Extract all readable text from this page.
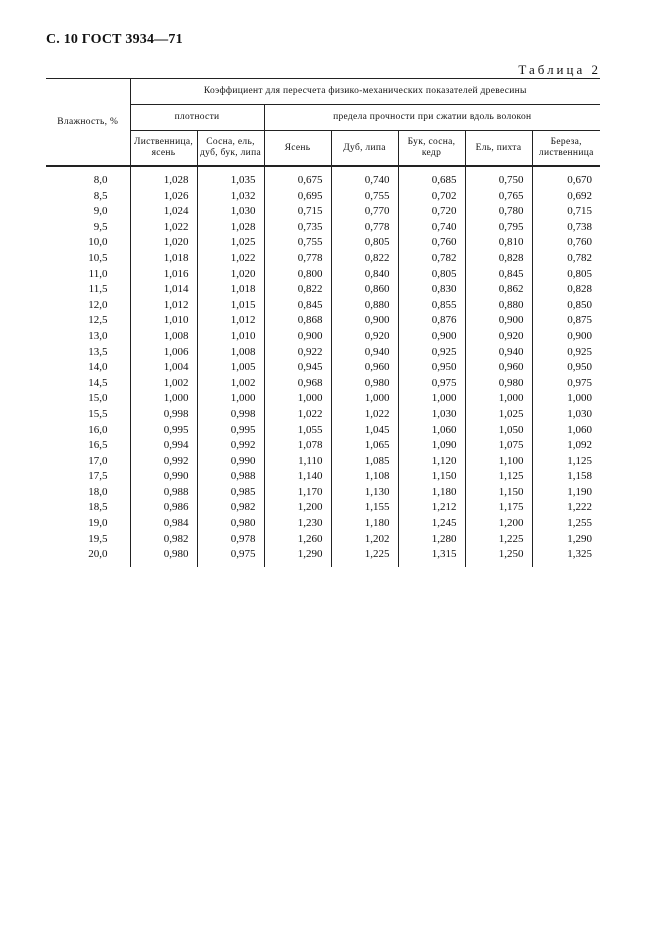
С. 10 ГОСТ 3934—71
Таблица 2
Влажность, %	Коэффициент для пересчета физико-механических показателей древесины						
	плотности		предела прочности при сжатии вдоль волокон				
	Лиственница, ясень	Сосна, ель, дуб, бук, липа	Ясень	Дуб, липа	Бук, сосна, кедр	Ель, пихта	Береза, лиственница
8,0	1,028	1,035	0,675	0,740	0,685	0,750	0,670
8,5	1,026	1,032	0,695	0,755	0,702	0,765	0,692
9,0	1,024	1,030	0,715	0,770	0,720	0,780	0,715
9,5	1,022	1,028	0,735	0,778	0,740	0,795	0,738
10,0	1,020	1,025	0,755	0,805	0,760	0,810	0,760
10,5	1,018	1,022	0,778	0,822	0,782	0,828	0,782
11,0	1,016	1,020	0,800	0,840	0,805	0,845	0,805
11,5	1,014	1,018	0,822	0,860	0,830	0,862	0,828
12,0	1,012	1,015	0,845	0,880	0,855	0,880	0,850
12,5	1,010	1,012	0,868	0,900	0,876	0,900	0,875
13,0	1,008	1,010	0,900	0,920	0,900	0,920	0,900
13,5	1,006	1,008	0,922	0,940	0,925	0,940	0,925
14,0	1,004	1,005	0,945	0,960	0,950	0,960	0,950
14,5	1,002	1,002	0,968	0,980	0,975	0,980	0,975
15,0	1,000	1,000	1,000	1,000	1,000	1,000	1,000
15,5	0,998	0,998	1,022	1,022	1,030	1,025	1,030
16,0	0,995	0,995	1,055	1,045	1,060	1,050	1,060
16,5	0,994	0,992	1,078	1,065	1,090	1,075	1,092
17,0	0,992	0,990	1,110	1,085	1,120	1,100	1,125
17,5	0,990	0,988	1,140	1,108	1,150	1,125	1,158
18,0	0,988	0,985	1,170	1,130	1,180	1,150	1,190
18,5	0,986	0,982	1,200	1,155	1,212	1,175	1,222
19,0	0,984	0,980	1,230	1,180	1,245	1,200	1,255
19,5	0,982	0,978	1,260	1,202	1,280	1,225	1,290
20,0	0,980	0,975	1,290	1,225	1,315	1,250	1,325
